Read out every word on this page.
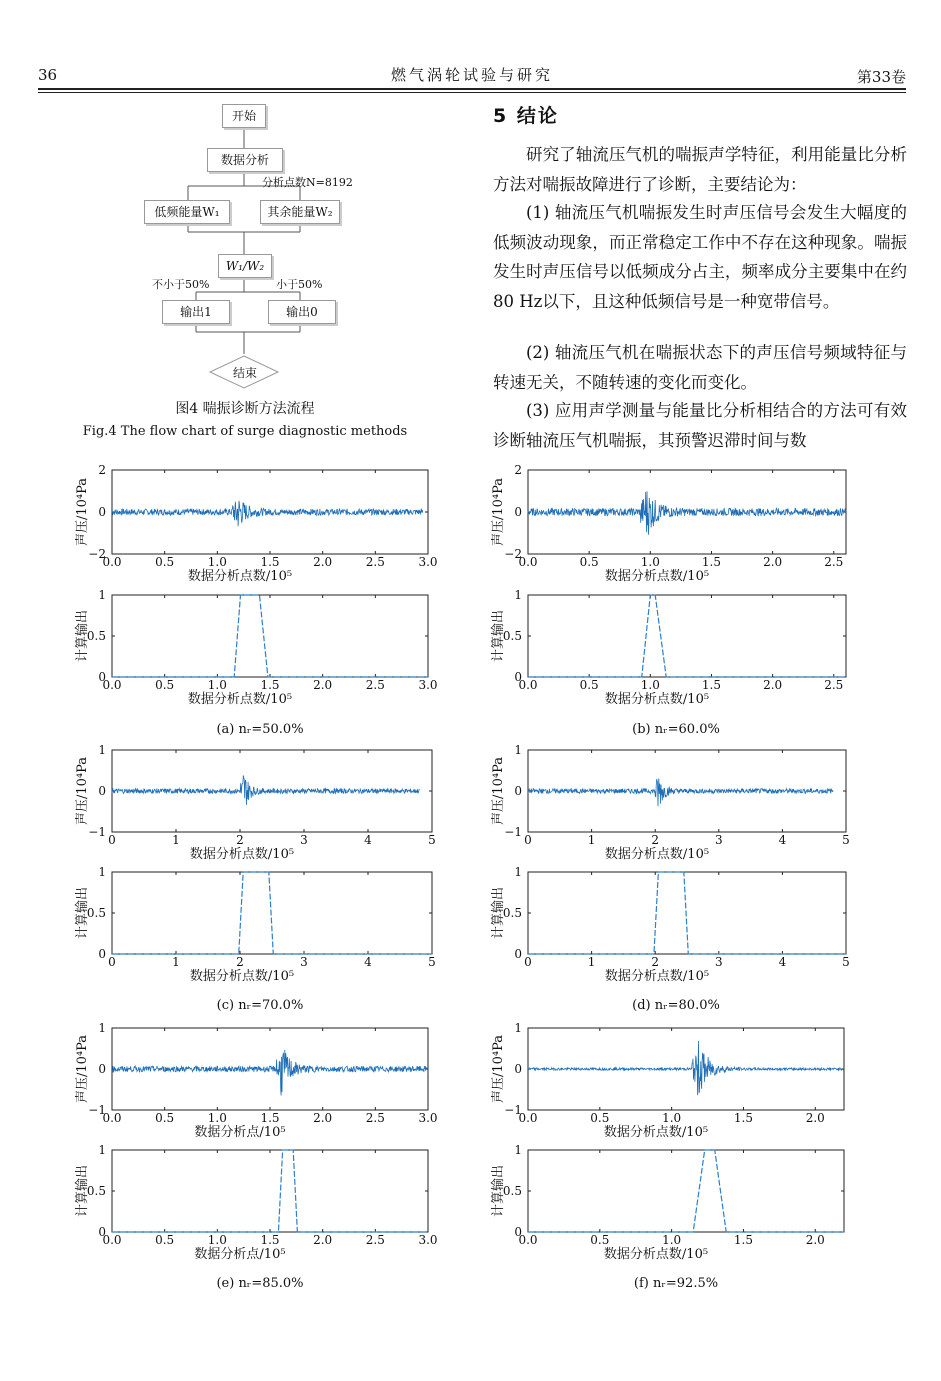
36	燃气涡轮试验与研究	第33卷
开始
数据分析
分析点数N=8192
低频能量W₁	其余能量W₂
W₁/W₂
不小于50%	小于50%
输出1	输出0
结束
图4 喘振诊断方法流程
Fig.4 The flow chart of surge diagnostic methods
5 结论
研究了轴流压气机的喘振声学特征，利用能量比分析方法对喘振故障进行了诊断，主要结论为：
(1) 轴流压气机喘振发生时声压信号会发生大幅度的低频波动现象，而正常稳定工作中不存在这种现象。喘振发生时声压信号以低频成分占主，频率成分主要集中在约80 Hz以下，且这种低频信号是一种宽带信号。
(2) 轴流压气机在喘振状态下的声压信号频域特征与转速无关，不随转速的变化而变化。
(3) 应用声学测量与能量比分析相结合的方法可有效诊断轴流压气机喘振，其预警迟滞时间与数
0.0	0.5	1.0	1.5	2.0	2.5	3.0
−2
0
2
数据分析点数/10⁵
声压/10⁴Pa
0.0	0.5	1.0	1.5	2.0	2.5	3.0
0
0.5
1
数据分析点数/10⁵
计算输出
0.0	0.5	1.0	1.5	2.0	2.5
−2
0
2
数据分析点数/10⁵
声压/10⁴Pa
0.0	0.5	1.0	1.5	2.0	2.5
0
0.5
1
数据分析点数/10⁵
计算输出
0	1	2	3	4	5
−1
0
1
数据分析点数/10⁵
声压/10⁴Pa
0	1	2	3	4	5
0
0.5
1
数据分析点数/10⁵
计算输出
0	1	2	3	4	5
−1
0
1
数据分析点数/10⁵
声压/10⁴Pa
0	1	2	3	4	5
0
0.5
1
数据分析点数/10⁵
计算输出
0.0	0.5	1.0	1.5	2.0	2.5	3.0
−1
0
1
数据分析点/10⁵
声压/10⁴Pa
0.0	0.5	1.0	1.5	2.0	2.5	3.0
0
0.5
1
数据分析点/10⁵
计算输出
0.0	0.5	1.0	1.5	2.0
−1
0
1
数据分析点数/10⁵
声压/10⁴Pa
0.0	0.5	1.0	1.5	2.0
0
0.5
1
数据分析点数/10⁵
计算输出
(a) nᵣ=50.0%	(b) nᵣ=60.0%
(c) nᵣ=70.0%	(d) nᵣ=80.0%
(e) nᵣ=85.0%	(f) nᵣ=92.5%
